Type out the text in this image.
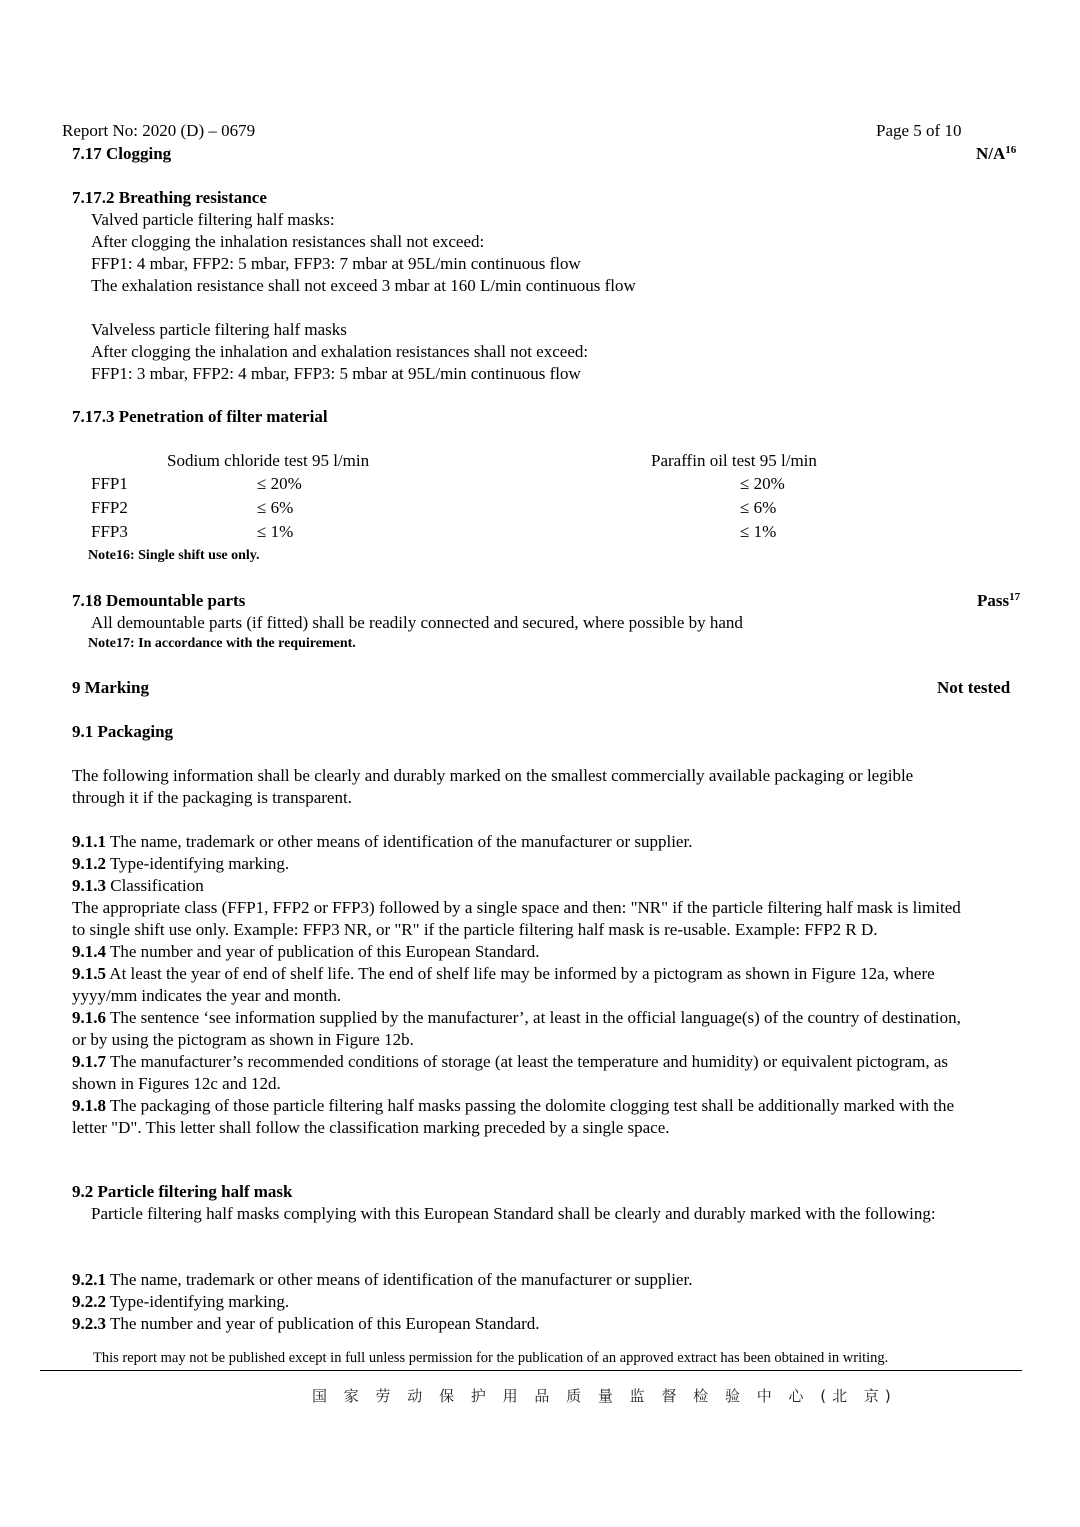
Report No: 2020 (D) – 0679	Page 5 of 10
7.17 Clogging	$N/A^{16}$
7.17.2 Breathing resistance
Valved particle filtering half masks:
After clogging the inhalation resistances shall not exceed:
FFP1: 4 mbar, FFP2: 5 mbar, FFP3: 7 mbar at 95L/min continuous flow
The exhalation resistance shall not exceed 3 mbar at 160 L/min continuous flow
Valveless particle filtering half masks
After clogging the inhalation and exhalation resistances shall not exceed:
FFP1: 3 mbar, FFP2: 4 mbar, FFP3: 5 mbar at 95L/min continuous flow
7.17.3 Penetration of filter material
Sodium chloride test 95 l/min	Paraffin oil test 95 l/min
FFP1	≤ 20%	≤ 20%
FFP2	≤ 6%	≤ 6%
FFP3	≤ 1%	≤ 1%
Note16: Single shift use only.
7.18 Demountable parts	Pass$^{17}$
All demountable parts (if fitted) shall be readily connected and secured, where possible by hand
Note17: In accordance with the requirement.
9 Marking	Not tested
9.1 Packaging
The following information shall be clearly and durably marked on the smallest commercially available packaging or legible through it if the packaging is transparent.
9.1.1 The name, trademark or other means of identification of the manufacturer or supplier.
9.1.2 Type-identifying marking.
9.1.3 Classification
The appropriate class (FFP1, FFP2 or FFP3) followed by a single space and then: "NR" if the particle filtering half mask is limited to single shift use only. Example: FFP3 NR, or "R" if the particle filtering half mask is re-usable. Example: FFP2 R D.
9.1.4 The number and year of publication of this European Standard.
9.1.5 At least the year of end of shelf life. The end of shelf life may be informed by a pictogram as shown in Figure 12a, where yyyy/mm indicates the year and month.
9.1.6 The sentence ‘see information supplied by the manufacturer’, at least in the official language(s) of the country of destination, or by using the pictogram as shown in Figure 12b.
9.1.7 The manufacturer’s recommended conditions of storage (at least the temperature and humidity) or equivalent pictogram, as shown in Figures 12c and 12d.
9.1.8 The packaging of those particle filtering half masks passing the dolomite clogging test shall be additionally marked with the letter "D". This letter shall follow the classification marking preceded by a single space.
9.2 Particle filtering half mask
Particle filtering half masks complying with this European Standard shall be clearly and durably marked with the following:
9.2.1 The name, trademark or other means of identification of the manufacturer or supplier.
9.2.2 Type-identifying marking.
9.2.3 The number and year of publication of this European Standard.
This report may not be published except in full unless permission for the publication of an approved extract has been obtained in writing.
国 家 劳 动 保 护 用 品 质 量 监 督 检 验 中 心 (北 京)
